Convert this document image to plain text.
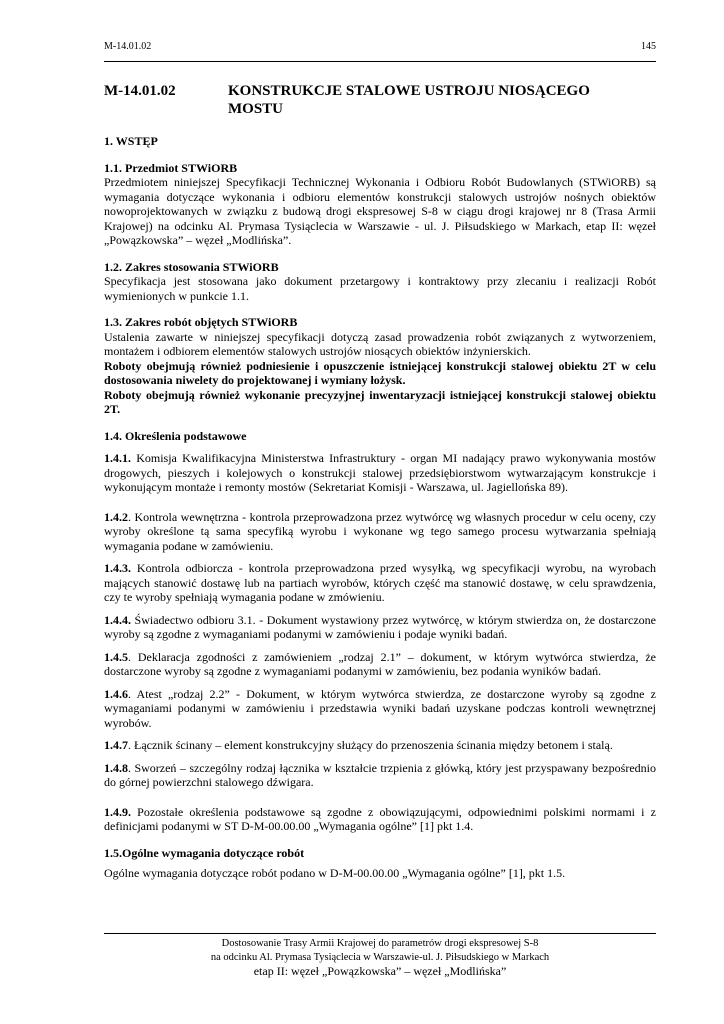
M-14.01.02	145
M-14.01.02	KONSTRUKCJE STALOWE USTROJU NIOSĄCEGO
MOSTU
1. WSTĘP
1.1. Przedmiot STWiORB

Przedmiotem niniejszej Specyfikacji Technicznej Wykonania i Odbioru Robót Budowlanych (STWiORB) są wymagania dotyczące wykonania i odbioru elementów konstrukcji stalowych ustrojów nośnych obiektów nowoprojektowanych w związku z budową drogi ekspresowej S-8 w ciągu drogi krajowej nr 8 (Trasa Armii Krajowej) na odcinku Al. Prymasa Tysiąclecia w Warszawie - ul. J. Piłsudskiego w Markach, etap II: węzeł „Powązkowska” – węzeł „Modlińska”.

1.2. Zakres stosowania STWiORB

Specyfikacja jest stosowana jako dokument przetargowy i kontraktowy przy zlecaniu i realizacji Robót wymienionych w punkcie 1.1.

1.3. Zakres robót objętych STWiORB

Ustalenia zawarte w niniejszej specyfikacji dotyczą zasad prowadzenia robót związanych z wytworzeniem, montażem i odbiorem elementów stalowych ustrojów niosących obiektów inżynierskich.

Roboty obejmują również podniesienie i opuszczenie istniejącej konstrukcji stalowej obiektu 2T w celu dostosowania niwelety do projektowanej i wymiany łożysk.

Roboty obejmują również wykonanie precyzyjnej inwentaryzacji istniejącej konstrukcji stalowej obiektu 2T.

1.4. Określenia podstawowe

1.4.1. Komisja Kwalifikacyjna Ministerstwa Infrastruktury - organ MI nadający prawo wykonywania mostów drogowych, pieszych i kolejowych o konstrukcji stalowej przedsiębiorstwom wytwarzającym konstrukcje i wykonującym montaże i remonty mostów (Sekretariat Komisji - Warszawa, ul. Jagiellońska 89).

1.4.2. Kontrola wewnętrzna - kontrola przeprowadzona przez wytwórcę wg własnych procedur w celu oceny, czy wyroby określone tą sama specyfiką wyrobu i wykonane wg tego samego procesu wytwarzania spełniają wymagania podane w zamówieniu.

1.4.3. Kontrola odbiorcza - kontrola przeprowadzona przed wysyłką, wg specyfikacji wyrobu, na wyrobach mających stanowić dostawę lub na partiach wyrobów, których część ma stanowić dostawę, w celu sprawdzenia, czy te wyroby spełniają wymagania podane w zmówieniu.

1.4.4. Świadectwo odbioru 3.1. - Dokument wystawiony przez wytwórcę, w którym stwierdza on, że dostarczone wyroby są zgodne z wymaganiami podanymi w zamówieniu i podaje wyniki badań.

1.4.5. Deklaracja zgodności z zamówieniem „rodzaj 2.1” – dokument, w którym wytwórca stwierdza, że dostarczone wyroby są zgodne z wymaganiami podanymi w zamówieniu, bez podania wyników badań.

1.4.6. Atest „rodzaj 2.2” - Dokument, w którym wytwórca stwierdza, ze dostarczone wyroby są zgodne z wymaganiami podanymi w zamówieniu i przedstawia wyniki badań uzyskane podczas kontroli wewnętrznej wyrobów.

1.4.7. Łącznik ścinany – element konstrukcyjny służący do przenoszenia ścinania między betonem i stalą.

1.4.8. Sworzeń – szczególny rodzaj łącznika w kształcie trzpienia z główką, który jest przyspawany bezpośrednio do górnej powierzchni stalowego dźwigara.

1.4.9. Pozostałe określenia podstawowe są zgodne z obowiązującymi, odpowiednimi polskimi normami i z definicjami podanymi w ST D-M-00.00.00 „Wymagania ogólne” [1] pkt 1.4.

1.5.Ogólne wymagania dotyczące robót

Ogólne wymagania dotyczące robót podano w D-M-00.00.00 „Wymagania ogólne” [1], pkt 1.5.

Dostosowanie Trasy Armii Krajowej do parametrów drogi ekspresowej S-8
na odcinku Al. Prymasa Tysiąclecia w Warszawie-ul. J. Piłsudskiego w Markach
etap II: węzeł „Powązkowska” – węzeł „Modlińska”
